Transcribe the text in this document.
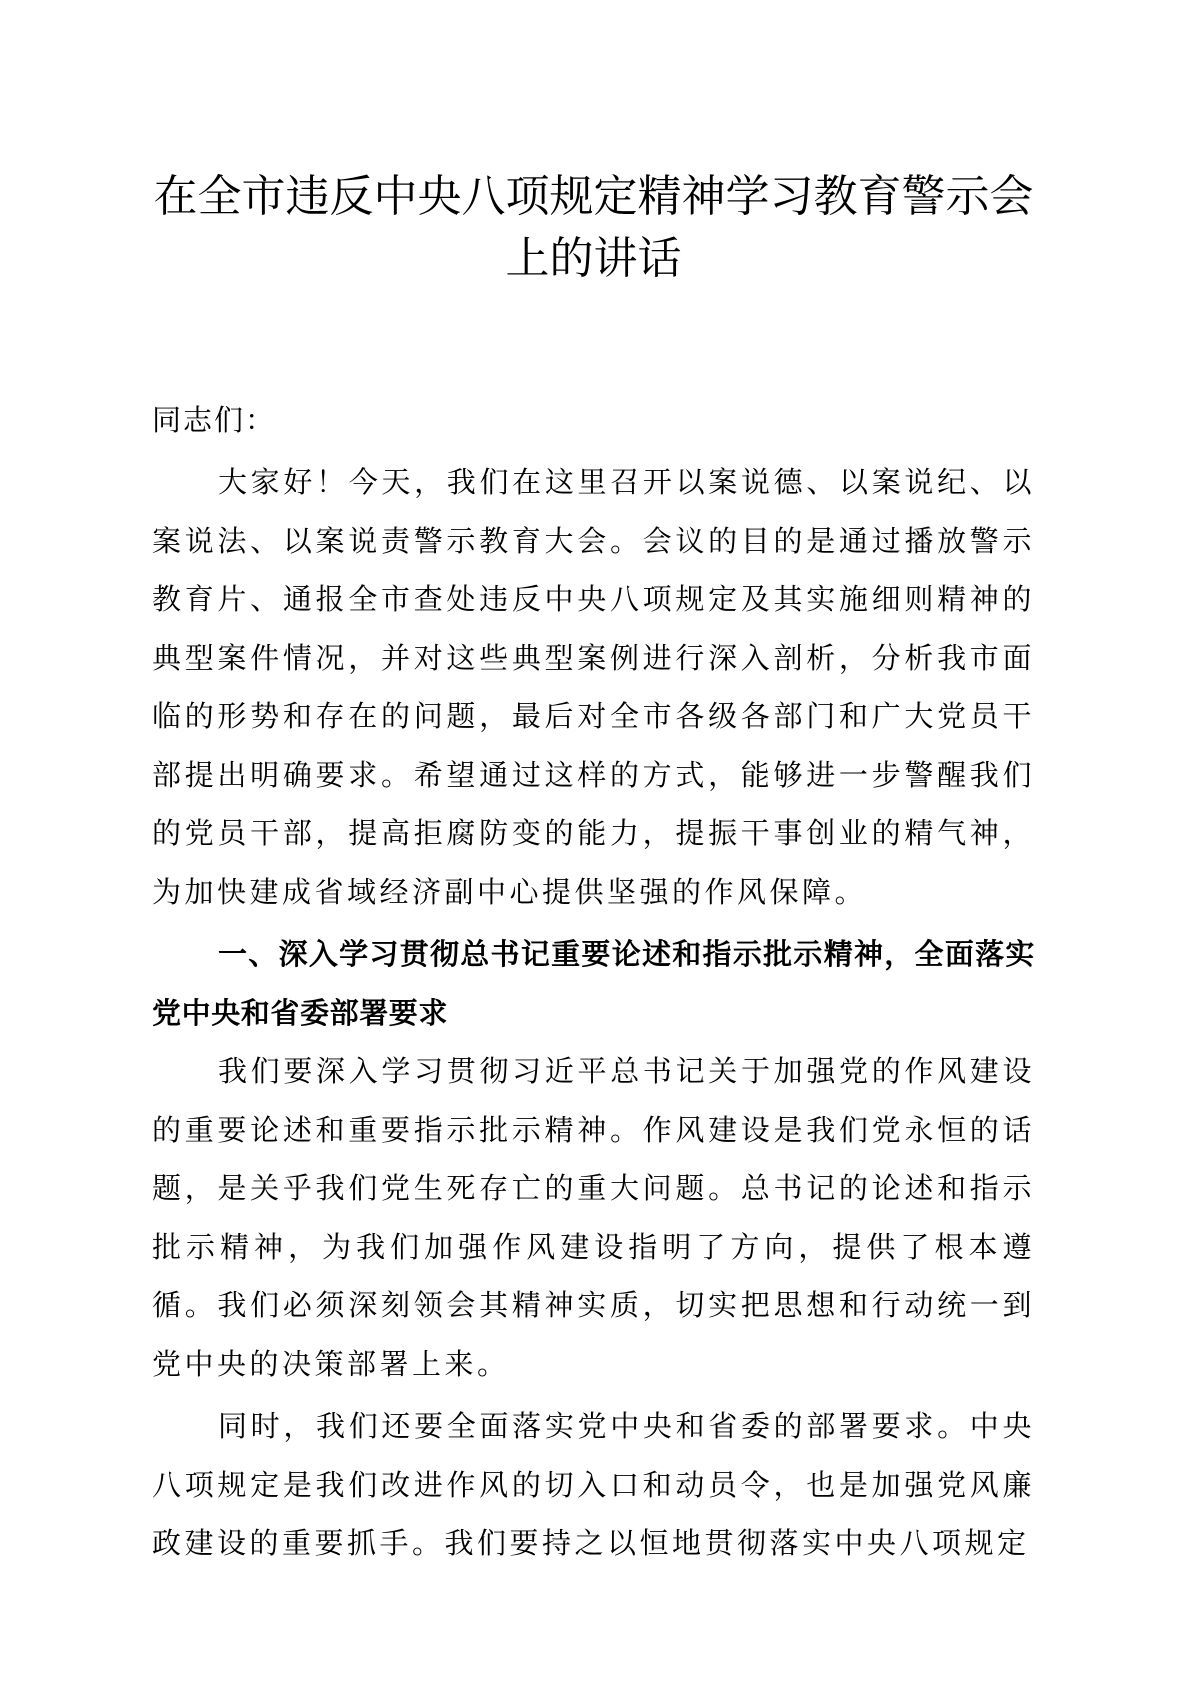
在全市违反中央八项规定精神学习教育警示会
上的讲话

同志们：

大家好！今天，我们在这里召开以案说德、以案说纪、以案说法、以案说责警示教育大会。会议的目的是通过播放警示教育片、通报全市查处违反中央八项规定及其实施细则精神的典型案件情况，并对这些典型案例进行深入剖析，分析我市面临的形势和存在的问题，最后对全市各级各部门和广大党员干部提出明确要求。希望通过这样的方式，能够进一步警醒我们的党员干部，提高拒腐防变的能力，提振干事创业的精气神，为加快建成省域经济副中心提供坚强的作风保障。

一、深入学习贯彻总书记重要论述和指示批示精神，全面落实党中央和省委部署要求

我们要深入学习贯彻习近平总书记关于加强党的作风建设的重要论述和重要指示批示精神。作风建设是我们党永恒的话题，是关乎我们党生死存亡的重大问题。总书记的论述和指示批示精神，为我们加强作风建设指明了方向，提供了根本遵循。我们必须深刻领会其精神实质，切实把思想和行动统一到党中央的决策部署上来。

同时，我们还要全面落实党中央和省委的部署要求。中央八项规定是我们改进作风的切入口和动员令，也是加强党风廉政建设的重要抓手。我们要持之以恒地贯彻落实中央八项规定
